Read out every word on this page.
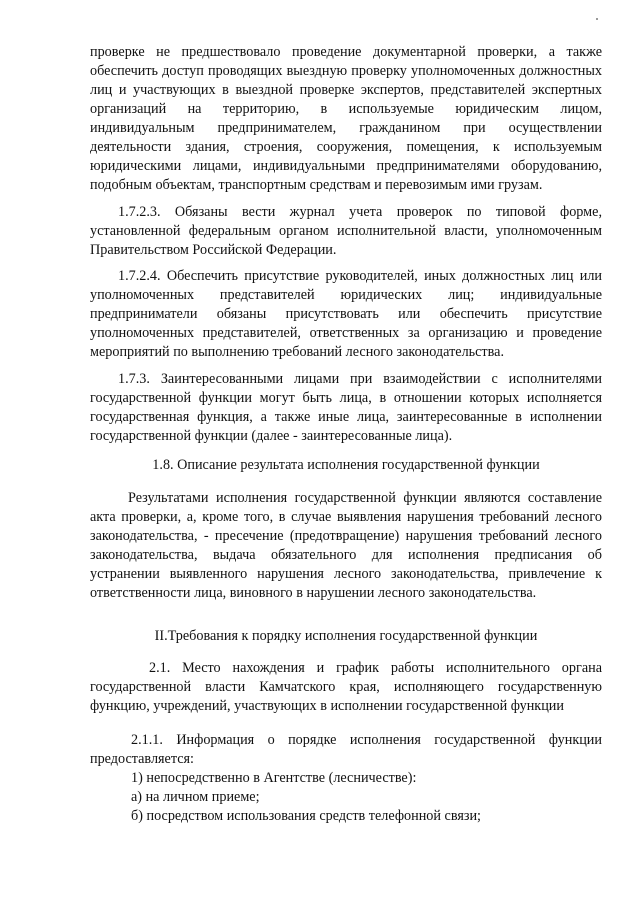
проверке не предшествовало проведение документарной проверки, а также обеспечить доступ проводящих выездную проверку уполномоченных должностных лиц и участвующих в выездной проверке экспертов, представителей экспертных организаций на территорию, в используемые юридическим лицом, индивидуальным предпринимателем, гражданином при осуществлении деятельности здания, строения, сооружения, помещения, к используемым юридическими лицами, индивидуальными предпринимателями оборудованию, подобным объектам, транспортным средствам и перевозимым ими грузам.

1.7.2.3. Обязаны вести журнал учета проверок по типовой форме, установленной федеральным органом исполнительной власти, уполномоченным Правительством Российской Федерации.

1.7.2.4. Обеспечить присутствие руководителей, иных должностных лиц или уполномоченных представителей юридических лиц; индивидуальные предприниматели обязаны присутствовать или обеспечить присутствие уполномоченных представителей, ответственных за организацию и проведение мероприятий по выполнению требований лесного законодательства.

1.7.3. Заинтересованными лицами при взаимодействии с исполнителями государственной функции могут быть лица, в отношении которых исполняется государственная функция, а также иные лица, заинтересованные в исполнении государственной функции (далее - заинтересованные лица).

1.8. Описание результата исполнения государственной функции

Результатами исполнения государственной функции являются составление акта проверки, а, кроме того, в случае выявления нарушения требований лесного законодательства, - пресечение (предотвращение) нарушения требований лесного законодательства, выдача обязательного для исполнения предписания об устранении выявленного нарушения лесного законодательства, привлечение к ответственности лица, виновного в нарушении лесного законодательства.

II.Требования к порядку исполнения государственной функции

2.1. Место нахождения и график работы исполнительного органа государственной власти Камчатского края, исполняющего государственную функцию, учреждений, участвующих в исполнении государственной функции

2.1.1. Информация о порядке исполнения государственной функции предоставляется:

1) непосредственно в Агентстве (лесничестве):

а) на личном приеме;

б) посредством использования средств телефонной связи;
